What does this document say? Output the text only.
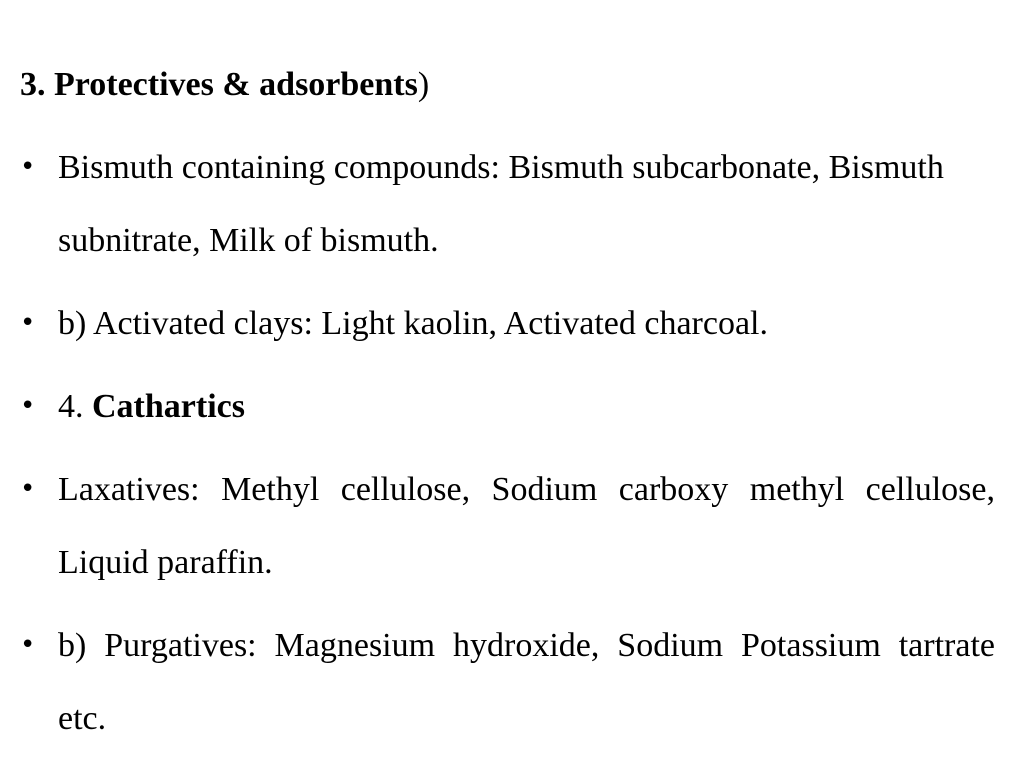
3. Protectives & adsorbents)
• Bismuth containing compounds: Bismuth subcarbonate, Bismuth subnitrate, Milk of bismuth.
• b) Activated clays: Light kaolin, Activated charcoal.
• 4. Cathartics
• Laxatives: Methyl cellulose, Sodium carboxy methyl cellulose, Liquid paraffin.
• b) Purgatives: Magnesium hydroxide, Sodium Potassium tartrate etc.
